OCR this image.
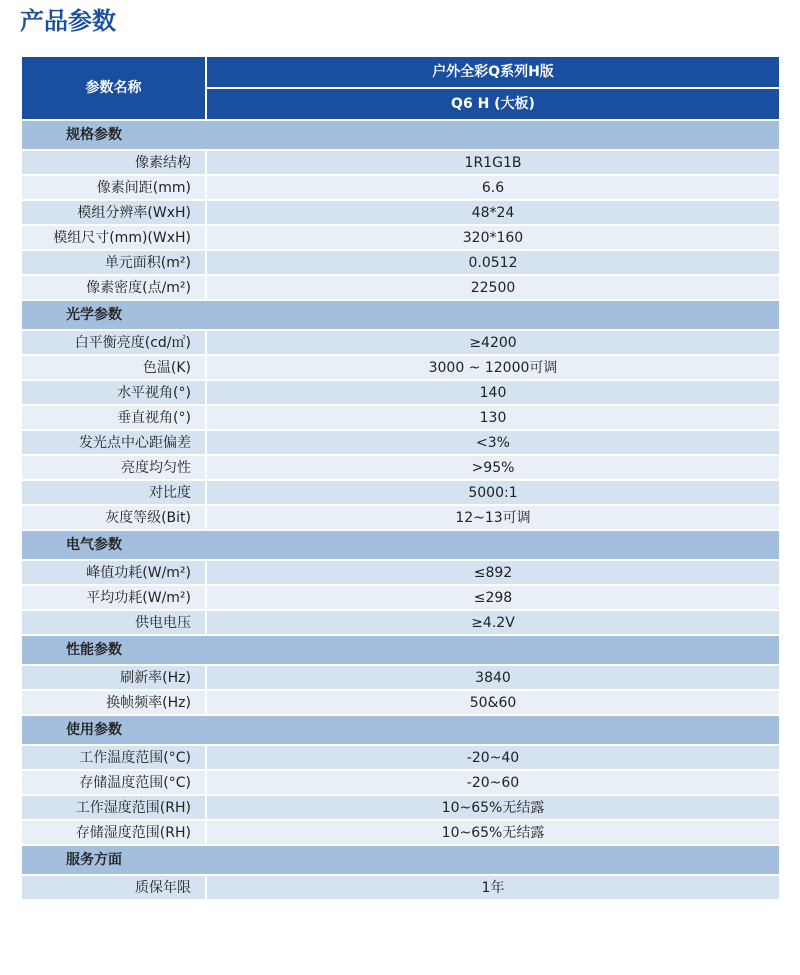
产品参数
参数名称	户外全彩Q系列H版
	Q6 H (大板)
规格参数	
像素结构	1R1G1B
像素间距(mm)	6.6
模组分辨率(WxH)	48*24
模组尺寸(mm)(WxH)	320*160
单元面积(m²)	0.0512
像素密度(点/m²)	22500
光学参数	
白平衡亮度(cd/㎡)	≥4200
色温(K)	3000 ~ 12000可调
水平视角(°)	140
垂直视角(°)	130
发光点中心距偏差	<3%
亮度均匀性	>95%
对比度	5000:1
灰度等级(Bit)	12~13可调
电气参数	
峰值功耗(W/m²)	≤892
平均功耗(W/m²)	≤298
供电电压	≥4.2V
性能参数	
刷新率(Hz)	3840
换帧频率(Hz)	50&60
使用参数	
工作温度范围(°C)	-20~40
存储温度范围(°C)	-20~60
工作湿度范围(RH)	10~65%无结露
存储湿度范围(RH)	10~65%无结露
服务方面	
质保年限	1年
